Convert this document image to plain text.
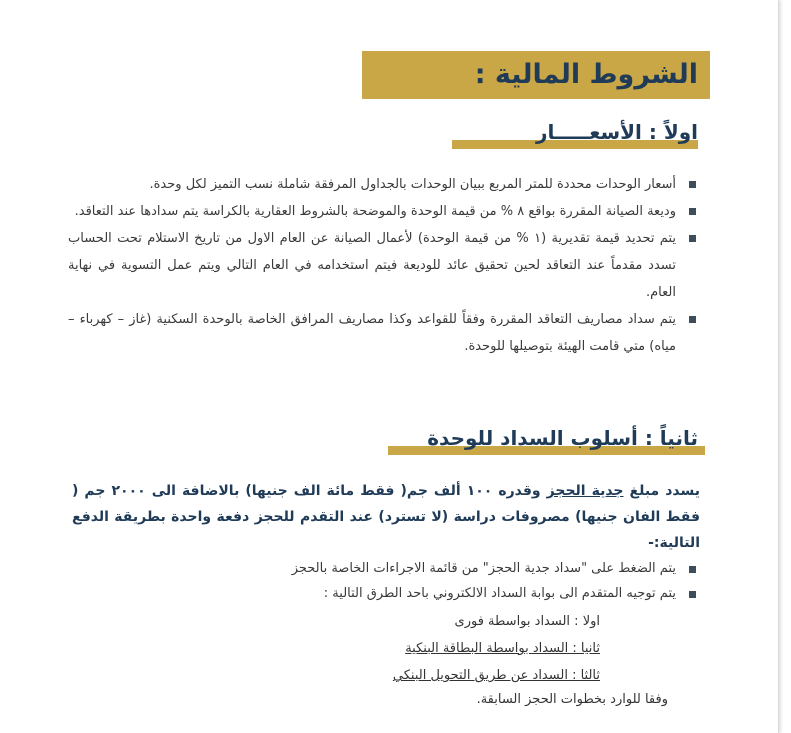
الشروط المالية :
اولاً : الأسعـــــار
أسعار الوحدات محددة للمتر المربع ببيان الوحدات بالجداول المرفقة شاملة نسب التميز لكل وحدة.
وديعة الصيانة المقررة بواقع ٨ % من قيمة الوحدة والموضحة بالشروط العقارية بالكراسة يتم سدادها عند التعاقد.
يتم تحديد قيمة تقديرية (١ % من قيمة الوحدة) لأعمال الصيانة عن العام الاول من تاريخ الاستلام تحت الحساب تسدد مقدماً عند التعاقد لحين تحقيق عائد للوديعة فيتم استخدامه في العام التالي ويتم عمل التسوية في نهاية العام.
يتم سداد مصاريف التعاقد المقررة وفقاً للقواعد وكذا مصاريف المرافق الخاصة بالوحدة السكنية (غاز – كهرباء – مياه) متي قامت الهيئة بتوصيلها للوحدة.
ثانياً : أسلوب السداد للوحدة
يسدد مبلغ جدية الحجز وقدره ١٠٠ ألف جم( فقط مائة الف جنيها) بالاضافة الى ٢٠٠٠ جم ( فقط الفان جنيها) مصروفات دراسة (لا تسترد) عند التقدم للحجز دفعة واحدة بطريقة الدفع التالية:-
يتم الضغط على "سداد جدية الحجز" من قائمة الاجراءات الخاصة بالحجز
يتم توجيه المتقدم الى بوابة السداد الالكتروني باحد الطرق التالية :
اولا : السداد بواسطة فورى
ثانيا : السداد بواسطة البطاقة البنكية
ثالثا : السداد عن طريق التحويل البنكي
وفقا للوارد بخطوات الحجز السابقة.
